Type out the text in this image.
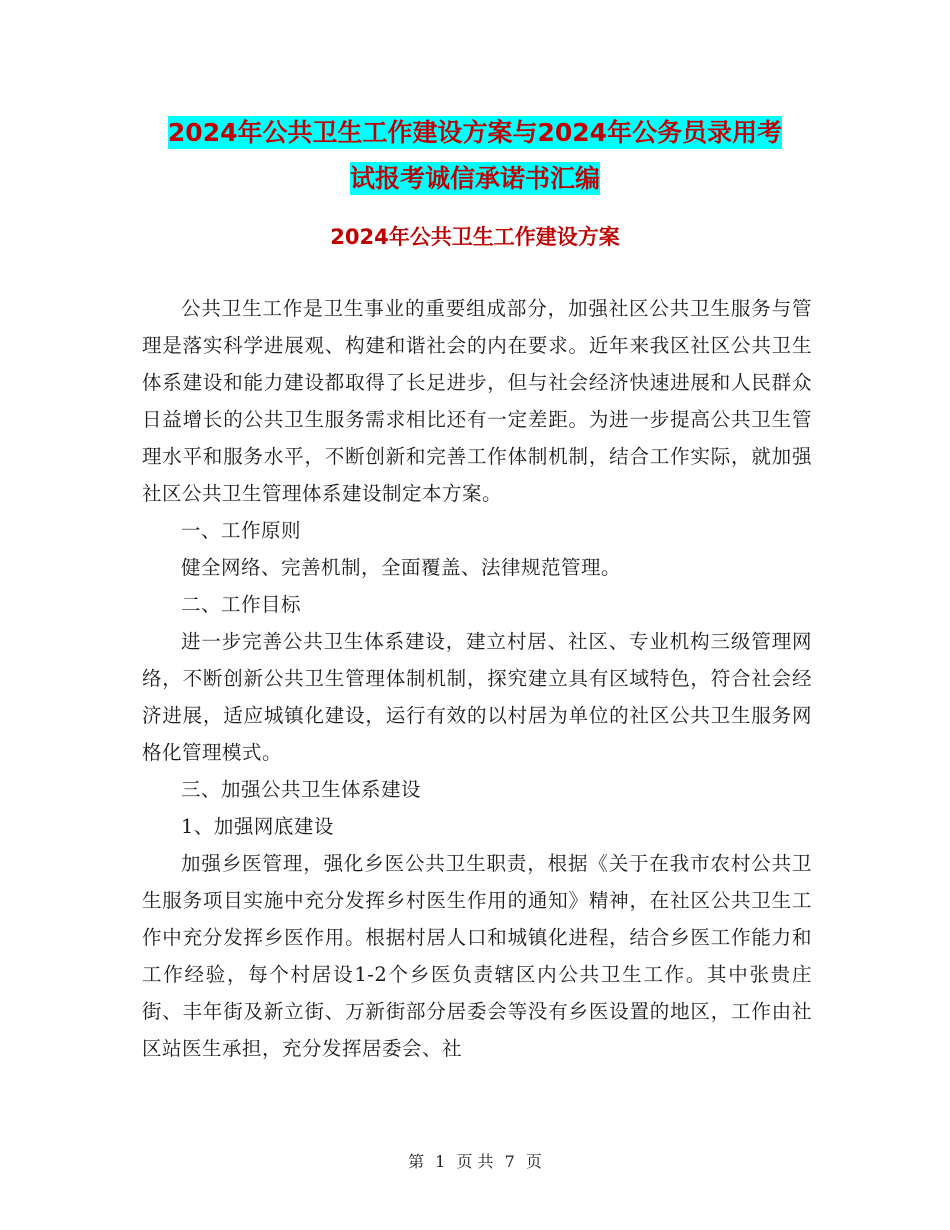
2024年公共卫生工作建设方案与2024年公务员录用考
试报考诚信承诺书汇编
2024年公共卫生工作建设方案

公共卫生工作是卫生事业的重要组成部分，加强社区公共卫生服务与管理是落实科学进展观、构建和谐社会的内在要求。近年来我区社区公共卫生体系建设和能力建设都取得了长足进步，但与社会经济快速进展和人民群众日益增长的公共卫生服务需求相比还有一定差距。为进一步提高公共卫生管理水平和服务水平，不断创新和完善工作体制机制，结合工作实际，就加强社区公共卫生管理体系建设制定本方案。

一、工作原则

健全网络、完善机制，全面覆盖、法律规范管理。

二、工作目标

进一步完善公共卫生体系建设，建立村居、社区、专业机构三级管理网络，不断创新公共卫生管理体制机制，探究建立具有区域特色，符合社会经济进展，适应城镇化建设，运行有效的以村居为单位的社区公共卫生服务网格化管理模式。

三、加强公共卫生体系建设

1、加强网底建设

加强乡医管理，强化乡医公共卫生职责，根据《关于在我市农村公共卫生服务项目实施中充分发挥乡村医生作用的通知》精神，在社区公共卫生工作中充分发挥乡医作用。根据村居人口和城镇化进程，结合乡医工作能力和工作经验，每个村居设1-2个乡医负责辖区内公共卫生工作。其中张贵庄街、丰年街及新立街、万新街部分居委会等没有乡医设置的地区，工作由社区站医生承担，充分发挥居委会、社

第 1 页 共 7 页
